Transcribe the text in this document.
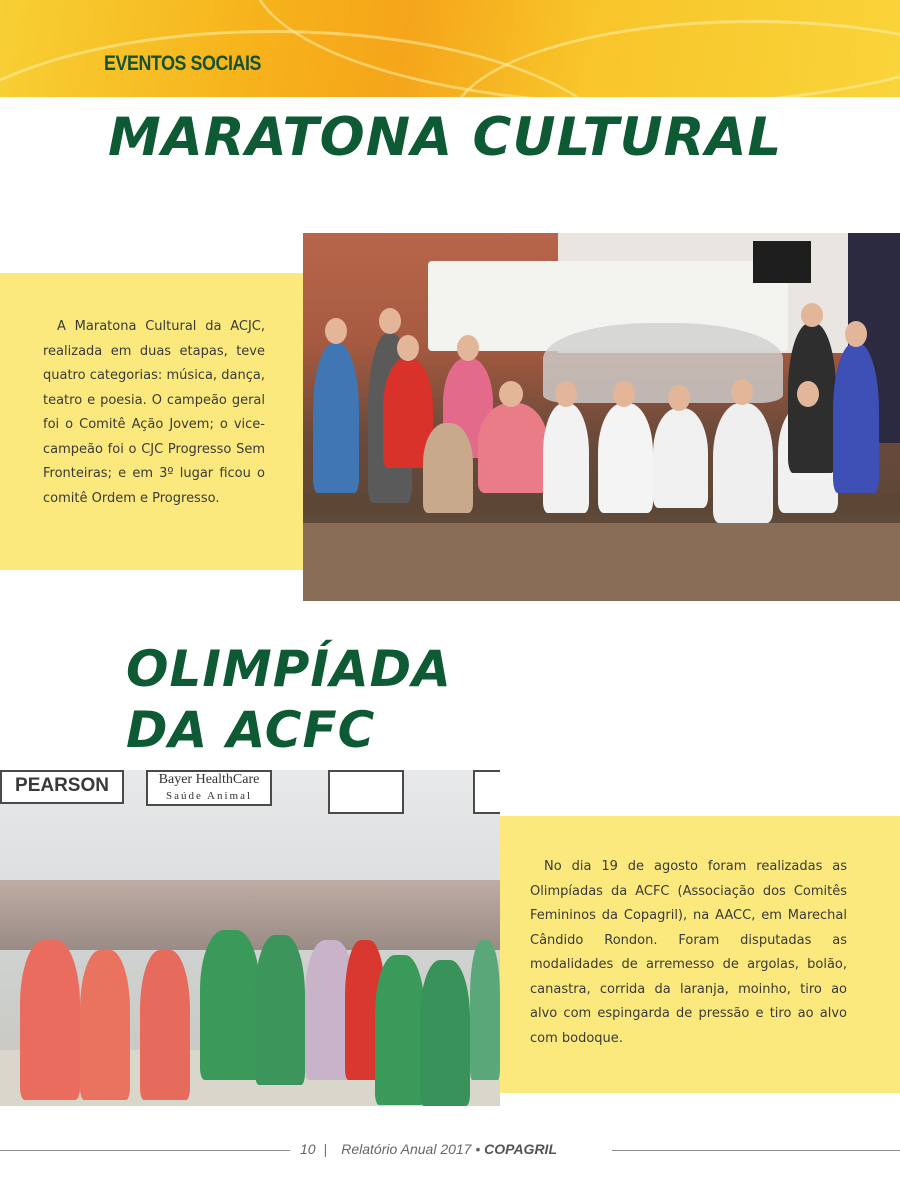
EVENTOS SOCIAIS
MARATONA CULTURAL

A Maratona Cultural da ACJC, realizada em duas etapas, teve quatro categorias: música, dança, teatro e poesia. O campeão geral foi o Comitê Ação Jovem; o vice-campeão foi o CJC Progresso Sem Fronteiras; e em 3º lugar ficou o comitê Ordem e Progresso.

OLIMPÍADA
DA ACFC
PEARSON	Bayer HealthCare
Saúde Animal

No dia 19 de agosto foram realizadas as Olimpíadas da ACFC (Associação dos Comitês Femininos da Copagril), na AACC, em Marechal Cândido Rondon. Foram disputadas as modalidades de arremesso de argolas, bolão, canastra, corrida da laranja, moinho, tiro ao alvo com espingarda de pressão e tiro ao alvo com bodoque.

10 | Relatório Anual 2017 • COPAGRIL
